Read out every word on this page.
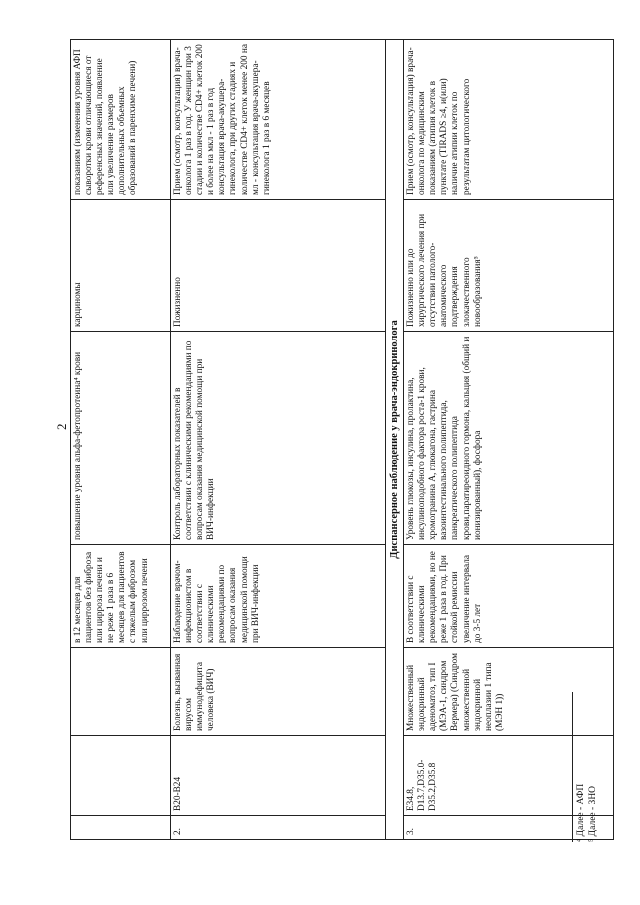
2
			в 12 месяцев для пациентов без фиброза или цирроза печени и не реже 1 раза в 6 месяцев для пациентов с тяжелым фиброзом или циррозом печени	повышение уровня альфа-фетопротеина⁴ крови	карциномы	показаниям (изменения уровня АФП сыворотки крови отличающиеся от референсных значений, появление или увеличение размеров дополнительных объемных образований в паренхиме печени)
2.	B20-B24	Болезнь, вызванная вирусом иммунодефицита человека (ВИЧ)	Наблюдение врачом-инфекционистом в соответствии с клиническими рекомендациями по вопросам оказания медицинской помощи при ВИЧ-инфекции	Контроль лабораторных показателей в соответствии с клиническими рекомендациями по вопросам оказания медицинской помощи при ВИЧ-инфекции	Пожизненно	Прием (осмотр, консультация) врача-онколога 1 раз в год. У женщин при 3 стадии и количестве CD4+ клеток 200 и более на мкл - 1 раз в год консультация врача-акушера-гинеколога, при других стадиях и количестве CD4+ клеток менее 200 на мл - консультация врача-акушера-гинеколога 1 раз в 6 месяцев
Диспансерное наблюдение у врача-эндокринолога						
3.	E34.8, D13.7,D35.0-D35.2,D35.8	Множественный эндокринный аденоматоз, тип I (МЭА-1, синдром Вермера) (Синдром множественной эндокринной неоплазии 1 типа (МЭН 1))	В соответствии с клиническими рекомендациями, но не реже 1 раза в год. При стойкой ремиссии увеличение интервала до 3-5 лет	Уровень глюкозы, инсулина, пролактина, инсулиноподобного фактора роста-1 крови, хромогранина А, глюкагона, гастрина вазоинтестинального полипептида, панкреатического полипептида крови,паратиреоидного гормона, кальция (общий и ионизированный), фосфора	Пожизненно или до хирургического лечения при отсутствии патолого-анатомического подтверждения злокачественного новообразования⁵	Прием (осмотр, консультация) врача-онколога по медицинским показаниям (атипия клеток в пунктате (TIRADS ≥4, и(или) наличие атипии клеток по результатам цитологического
⁴ Далее - АФП ⁵ Далее - ЗНО
